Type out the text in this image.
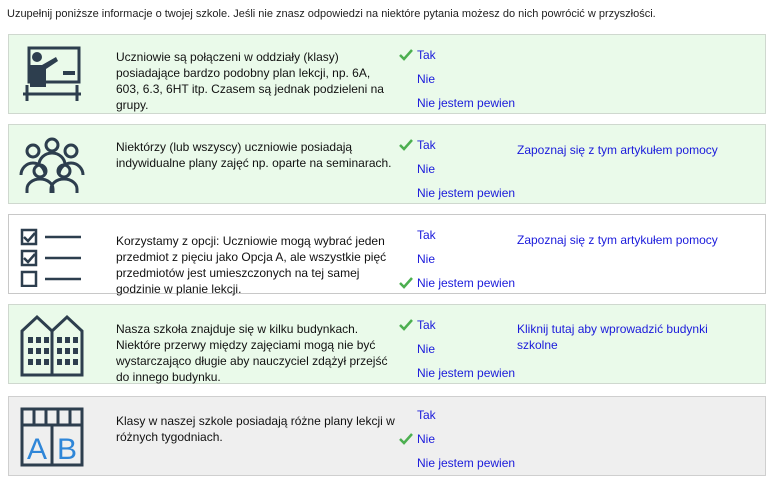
Uzupełnij poniższe informacje o twojej szkole. Jeśli nie znasz odpowiedzi na niektóre pytania możesz do nich powrócić w przyszłości.
Uczniowie są połączeni w oddziały (klasy) posiadające bardzo podobny plan lekcji, np. 6A, 603, 6.3, 6HT itp. Czasem są jednak podzieleni na grupy.
Tak
Nie
Nie jestem pewien
Niektórzy (lub wszyscy) uczniowie posiadają indywidualne plany zajęć np. oparte na seminarach.
Tak
Nie
Nie jestem pewien
Zapoznaj się z tym artykułem pomocy
Korzystamy z opcji: Uczniowie mogą wybrać jeden przedmiot z pięciu jako Opcja A, ale wszystkie pięć przedmiotów jest umieszczonych na tej samej godzinie w planie lekcji.
Tak
Nie
Nie jestem pewien
Zapoznaj się z tym artykułem pomocy
Nasza szkoła znajduje się w kilku budynkach. Niektóre przerwy między zajęciami mogą nie być wystarczająco długie aby nauczyciel zdążył przejść do innego budynku.
Tak
Nie
Nie jestem pewien
Kliknij tutaj aby wprowadzić budynki szkolne
A B
Klasy w naszej szkole posiadają różne plany lekcji w różnych tygodniach.
Tak
Nie
Nie jestem pewien
